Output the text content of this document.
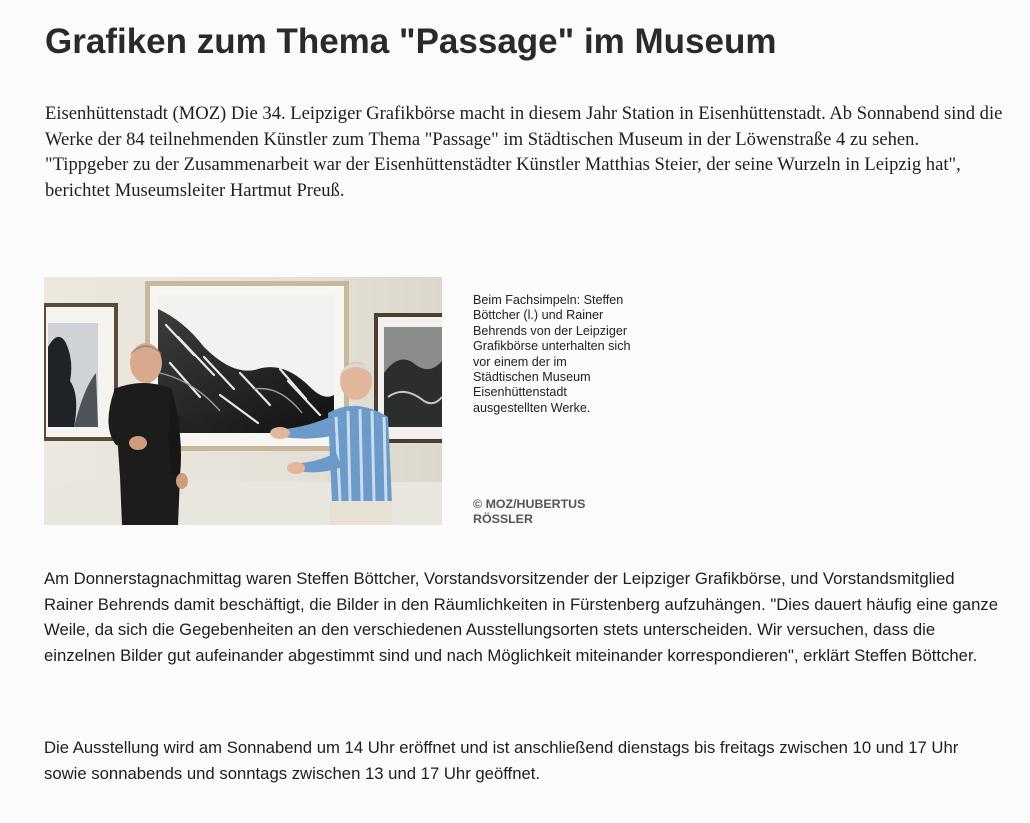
Grafiken zum Thema "Passage" im Museum

Eisenhüttenstadt (MOZ) Die 34. Leipziger Grafikbörse macht in diesem Jahr Station in Eisenhüttenstadt. Ab Sonnabend sind die Werke der 84 teilnehmenden Künstler zum Thema "Passage" im Städtischen Museum in der Löwenstraße 4 zu sehen. "Tippgeber zu der Zusammenarbeit war der Eisenhüttenstädter Künstler Matthias Steier, der seine Wurzeln in Leipzig hat", berichtet Museumsleiter Hartmut Preuß.

Beim Fachsimpeln: Steffen Böttcher (l.) und Rainer Behrends von der Leipziger Grafikbörse unterhalten sich vor einem der im Städtischen Museum Eisenhüttenstadt ausgestellten Werke.

© MOZ/HUBERTUS RÖSSLER

Am Donnerstagnachmittag waren Steffen Böttcher, Vorstandsvorsitzender der Leipziger Grafikbörse, und Vorstandsmitglied Rainer Behrends damit beschäftigt, die Bilder in den Räumlichkeiten in Fürstenberg aufzuhängen. "Dies dauert häufig eine ganze Weile, da sich die Gegebenheiten an den verschiedenen Ausstellungsorten stets unterscheiden. Wir versuchen, dass die einzelnen Bilder gut aufeinander abgestimmt sind und nach Möglichkeit miteinander korrespondieren", erklärt Steffen Böttcher.

Die Ausstellung wird am Sonnabend um 14 Uhr eröffnet und ist anschließend dienstags bis freitags zwischen 10 und 17 Uhr sowie sonnabends und sonntags zwischen 13 und 17 Uhr geöffnet.
